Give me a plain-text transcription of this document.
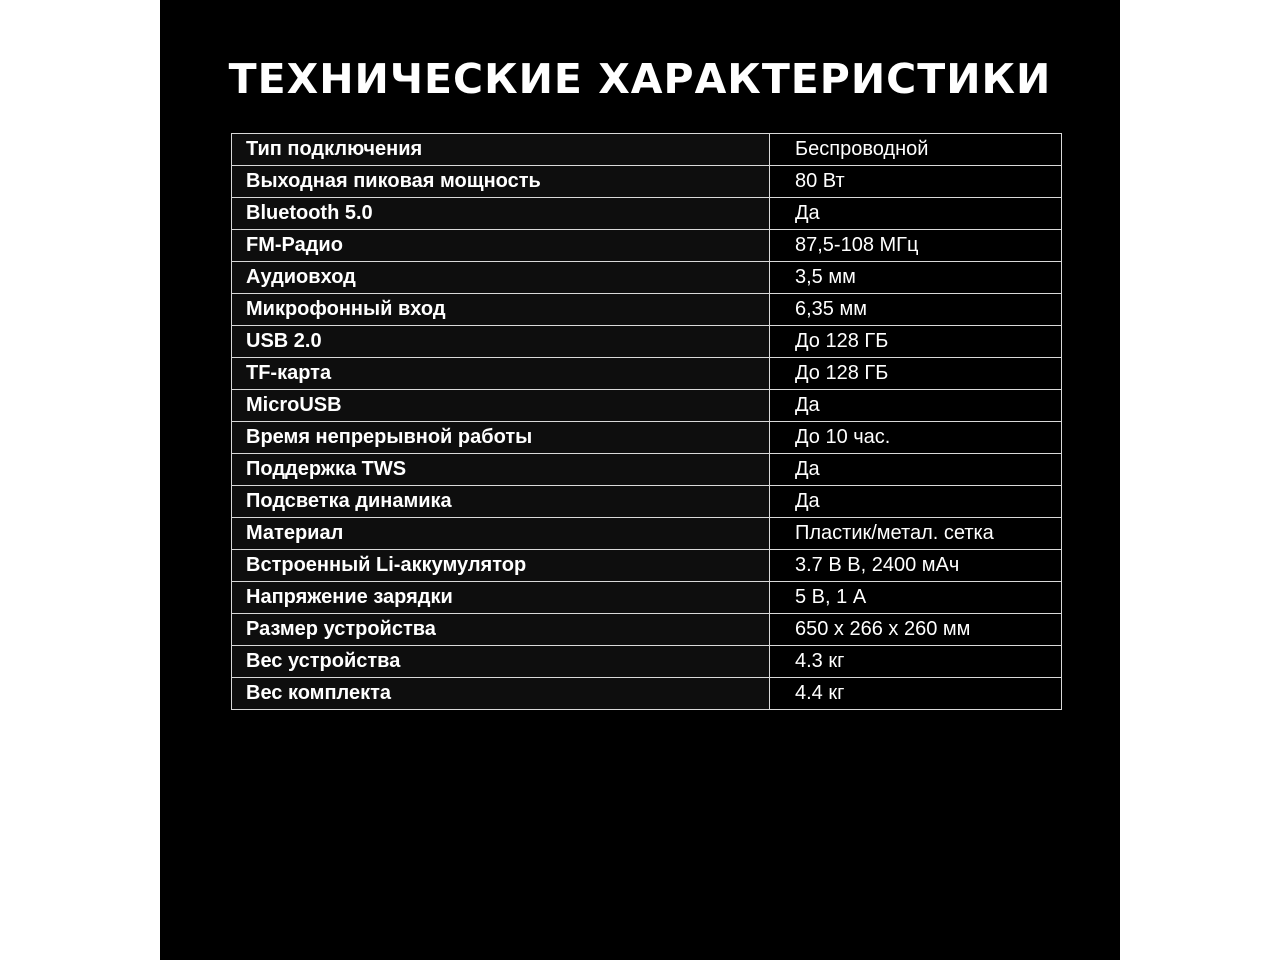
ТЕХНИЧЕСКИЕ ХАРАКТЕРИСТИКИ
Тип подключения	Беспроводной
Выходная пиковая мощность	80 Вт
Bluetooth 5.0	Да
FM-Радио	87,5-108 МГц
Аудиовход	3,5 мм
Микрофонный вход	6,35 мм
USB 2.0	До 128 ГБ
TF-карта	До 128 ГБ
MicroUSB	Да
Время непрерывной работы	До 10 час.
Поддержка TWS	Да
Подсветка динамика	Да
Материал	Пластик/метал. сетка
Встроенный Li-аккумулятор	3.7 В В, 2400 мАч
Напряжение зарядки	5 В, 1 А
Размер устройства	650 х 266 х 260 мм
Вес устройства	4.3 кг
Вес комплекта	4.4 кг
